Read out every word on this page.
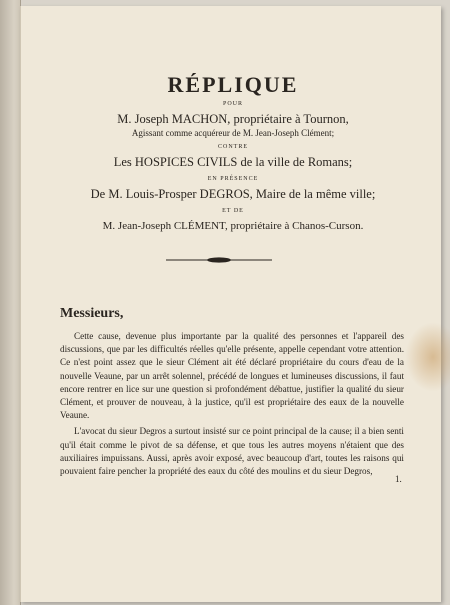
RÉPLIQUE

POUR

M. Joseph MACHON, propriétaire à Tournon,

Agissant comme acquéreur de M. Jean-Joseph Clément;

CONTRE

Les HOSPICES CIVILS de la ville de Romans;

EN PRÉSENCE

De M. Louis-Prosper DEGROS, Maire de la même ville;

ET DE

M. Jean-Joseph CLÉMENT, propriétaire à Chanos-Curson.

Messieurs,

Cette cause, devenue plus importante par la qualité des personnes et l'appareil des discussions, que par les difficultés réelles qu'elle présente, appelle cependant votre attention. Ce n'est point assez que le sieur Clément ait été déclaré propriétaire du cours d'eau de la nouvelle Veaune, par un arrêt solennel, précédé de longues et lumineuses discussions, il faut encore rentrer en lice sur une question si profondément débattue, justifier la qualité du sieur Clément, et prouver de nouveau, à la justice, qu'il est propriétaire des eaux de la nouvelle Veaune.

L'avocat du sieur Degros a surtout insisté sur ce point principal de la cause; il a bien senti qu'il était comme le pivot de sa défense, et que tous les autres moyens n'étaient que des auxiliaires impuissans. Aussi, après avoir exposé, avec beaucoup d'art, toutes les raisons qui pouvaient faire pencher la propriété des eaux du côté des moulins et du sieur Degros,

1.
